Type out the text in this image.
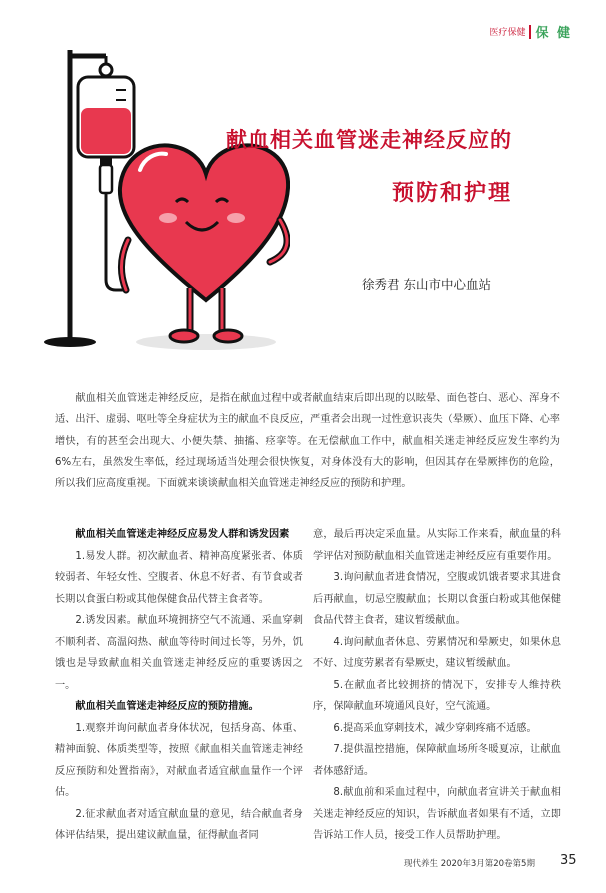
医疗保健 保 健
献血相关血管迷走神经反应的
预防和护理
徐秀君 东山市中心血站
献血相关血管迷走神经反应，是指在献血过程中或者献血结束后即出现的以眩晕、面色苍白、恶心、浑身不适、出汗、虚弱、呕吐等全身症状为主的献血不良反应，严重者会出现一过性意识丧失（晕厥）、血压下降、心率增快，有的甚至会出现大、小便失禁、抽搐、痉挛等。在无偿献血工作中，献血相关迷走神经反应发生率约为6%左右，虽然发生率低，经过现场适当处理会很快恢复，对身体没有大的影响，但因其存在晕厥摔伤的危险，所以我们应高度重视。下面就来谈谈献血相关血管迷走神经反应的预防和护理。

献血相关血管迷走神经反应易发人群和诱发因素

1.易发人群。初次献血者、精神高度紧张者、体质较弱者、年轻女性、空腹者、休息不好者、有节食或者长期以食蛋白粉或其他保健食品代替主食者等。

2.诱发因素。献血环境拥挤空气不流通、采血穿刺不顺利者、高温闷热、献血等待时间过长等，另外，饥饿也是导致献血相关血管迷走神经反应的重要诱因之一。

献血相关血管迷走神经反应的预防措施。

1.观察并询问献血者身体状况，包括身高、体重、精神面貌、体质类型等，按照《献血相关血管迷走神经反应预防和处置指南》，对献血者适宜献血量作一个评估。

2.征求献血者对适宜献血量的意见，结合献血者身体评估结果，提出建议献血量，征得献血者同

意，最后再决定采血量。从实际工作来看，献血量的科学评估对预防献血相关血管迷走神经反应有重要作用。

3.询问献血者进食情况，空腹或饥饿者要求其进食后再献血，切忌空腹献血；长期以食蛋白粉或其他保健食品代替主食者，建议暂缓献血。

4.询问献血者休息、劳累情况和晕厥史，如果休息不好、过度劳累者有晕厥史，建议暂缓献血。

5.在献血者比较拥挤的情况下，安排专人维持秩序，保障献血环境通风良好，空气流通。

6.提高采血穿刺技术，减少穿刺疼痛不适感。

7.提供温控措施，保障献血场所冬暖夏凉，让献血者体感舒适。

8.献血前和采血过程中，向献血者宣讲关于献血相关迷走神经反应的知识，告诉献血者如果有不适，立即告诉站工作人员，接受工作人员帮助护理。

现代养生 2020年3月第20卷第5期 35
